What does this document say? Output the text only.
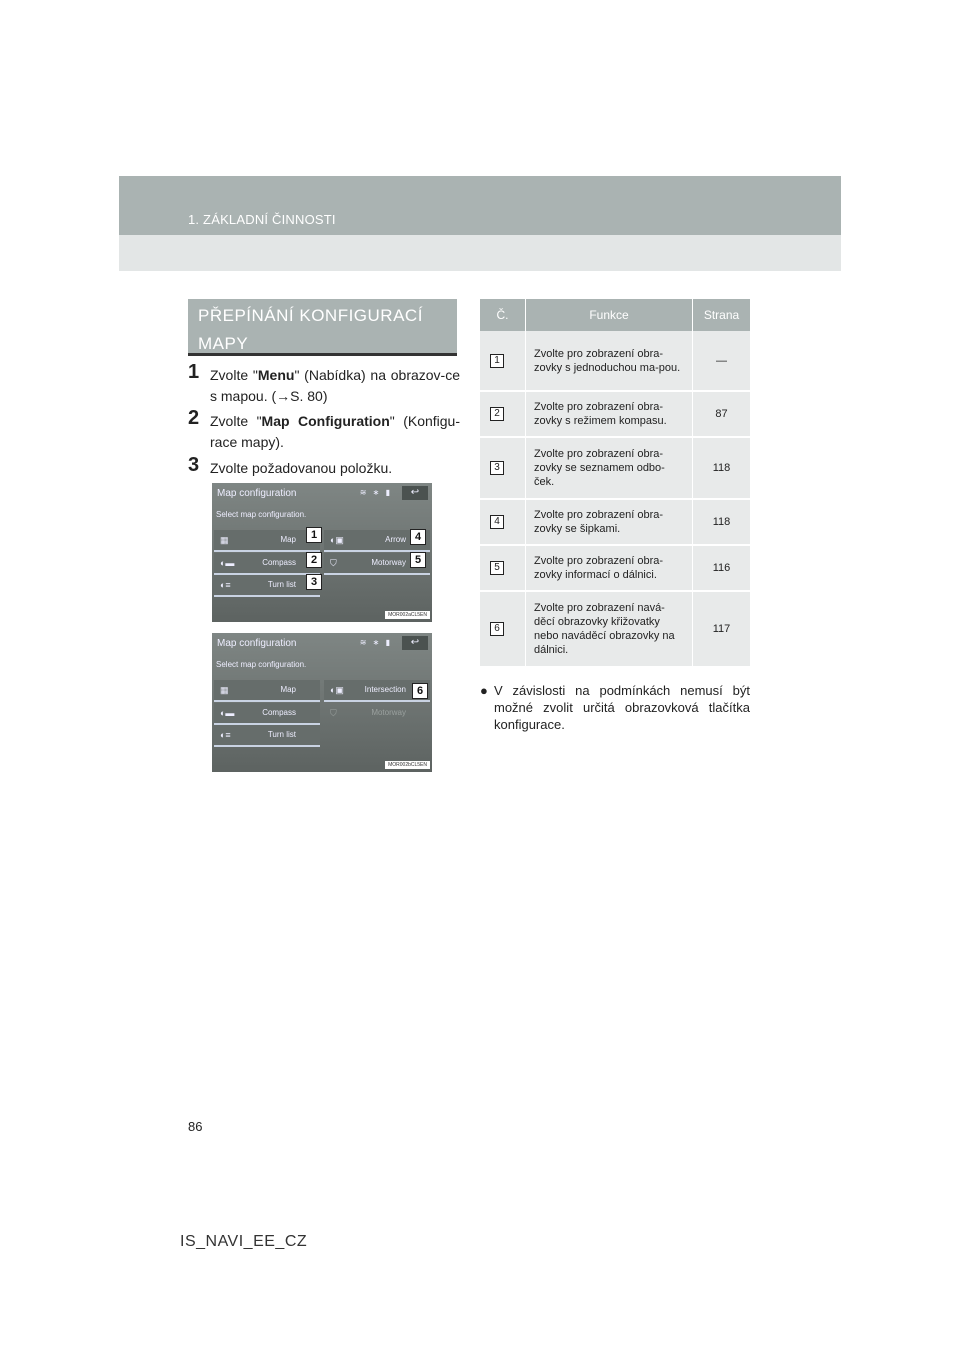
1. ZÁKLADNÍ ČINNOSTI
PŘEPÍNÁNÍ KONFIGURACÍ
MAPY
1 Zvolte "Menu" (Nabídka) na obrazov-ce s mapou. (→S. 80)
2 Zvolte "Map Configuration" (Konfigu-race mapy).
3 Zvolte požadovanou položku.
Map configuration	≋ ∗ ▮	↩
Select map configuration.
▦	Map
◐▬	Compass
◐≡	Turn list
◐▣	Arrow
⛉	Motorway
1
2
3
4
5
MOR002aCL5EN
Map configuration	≋ ∗ ▮	↩
Select map configuration.
▦	Map
◐▬	Compass
◐≡	Turn list
◐▣	Intersection
⛉	Motorway
6
MOR002bCL5EN
Č.	Funkce	Strana
1	Zvolte pro zobrazení obra-zovky s jednoduchou ma-pou.	—
2	Zvolte pro zobrazení obra-zovky s režimem kompasu.	87
3	Zvolte pro zobrazení obra-zovky se seznamem odbo-ček.	118
4	Zvolte pro zobrazení obra-zovky se šipkami.	118
5	Zvolte pro zobrazení obra-zovky informací o dálnici.	116
6	Zvolte pro zobrazení navá-děcí obrazovky křižovatky nebo naváděcí obrazovky na dálnici.	117
● V závislosti na podmínkách nemusí být možné zvolit určitá obrazovková tlačítka konfigurace.
86
IS_NAVI_EE_CZ
